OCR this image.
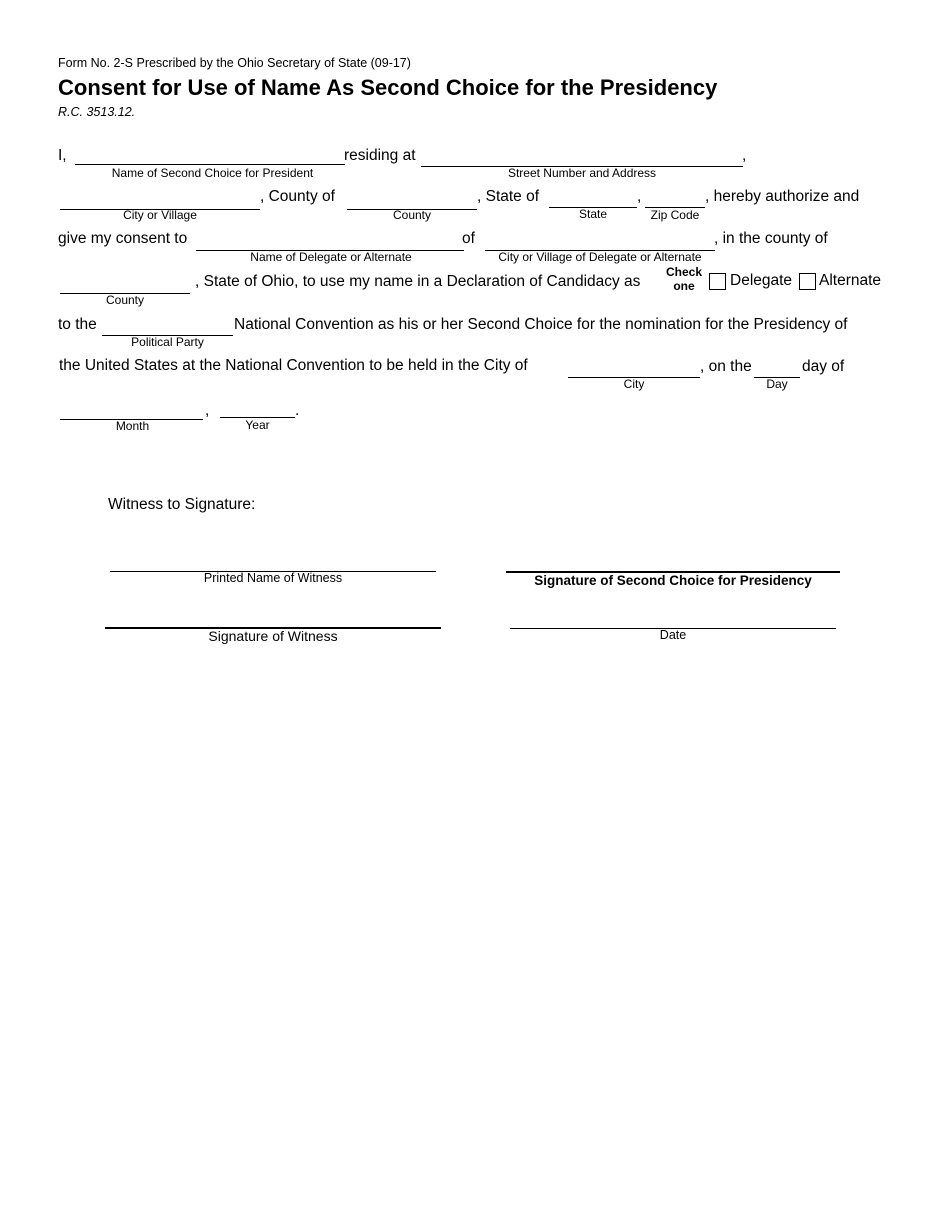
Form No. 2-S Prescribed by the Ohio Secretary of State (09-17)
Consent for Use of Name As Second Choice for the Presidency
R.C. 3513.12.
I,	residing at	,
Name of Second Choice for President	Street Number and Address
, County of	, State of	,	, hereby authorize and
City or Village	County	State	Zip Code
give my consent to	of	, in the county of
Name of Delegate or Alternate	City or Village of Delegate or Alternate
, State of Ohio, to use my name in a Declaration of Candidacy as
Check
one	Delegate Alternate
County
to the	National Convention as his or her Second Choice for the nomination for the Presidency of
Political Party
the United States at the National Convention to be held in the City of	, on the	day of
City	Day
,	.
Month	Year
Witness to Signature:
Printed Name of Witness	Signature of Second Choice for Presidency
Signature of Witness	Date
